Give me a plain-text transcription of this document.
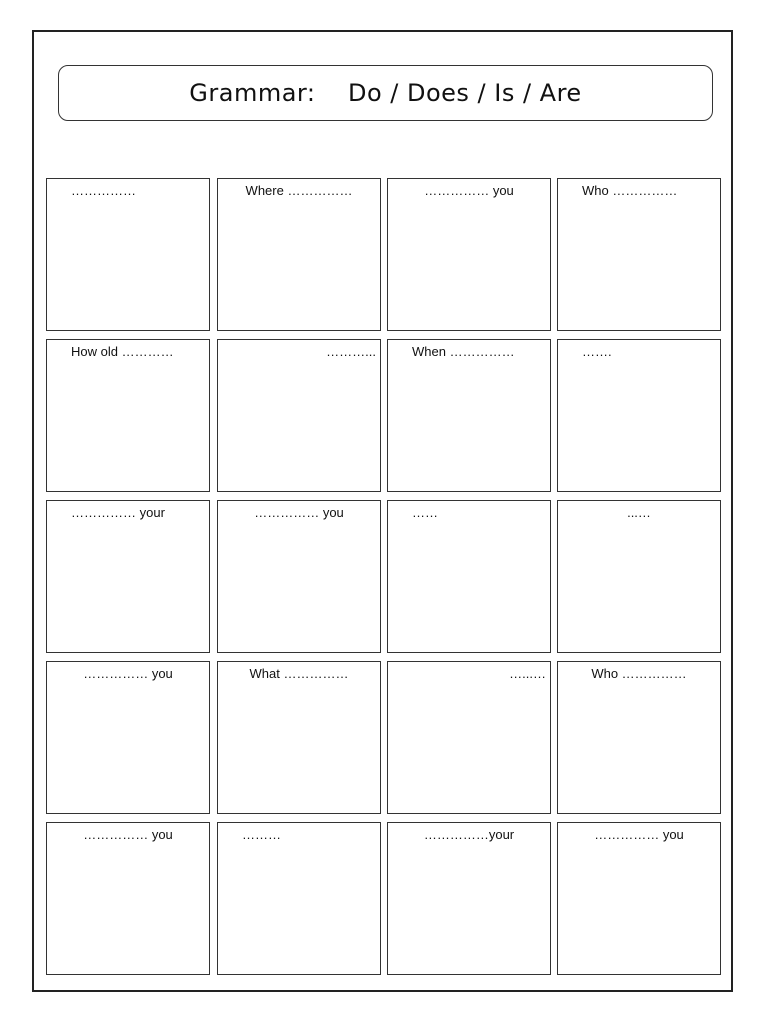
Grammar:    Do / Does / Is / Are
……………	Where ……………	…………… you	Who ……………
How old …………	………...	When ……………	…….
…………… your	…………… you	……	...…
…………… you	What ……………	…...…	Who ……………
…………… you	………	……………your	…………… you
